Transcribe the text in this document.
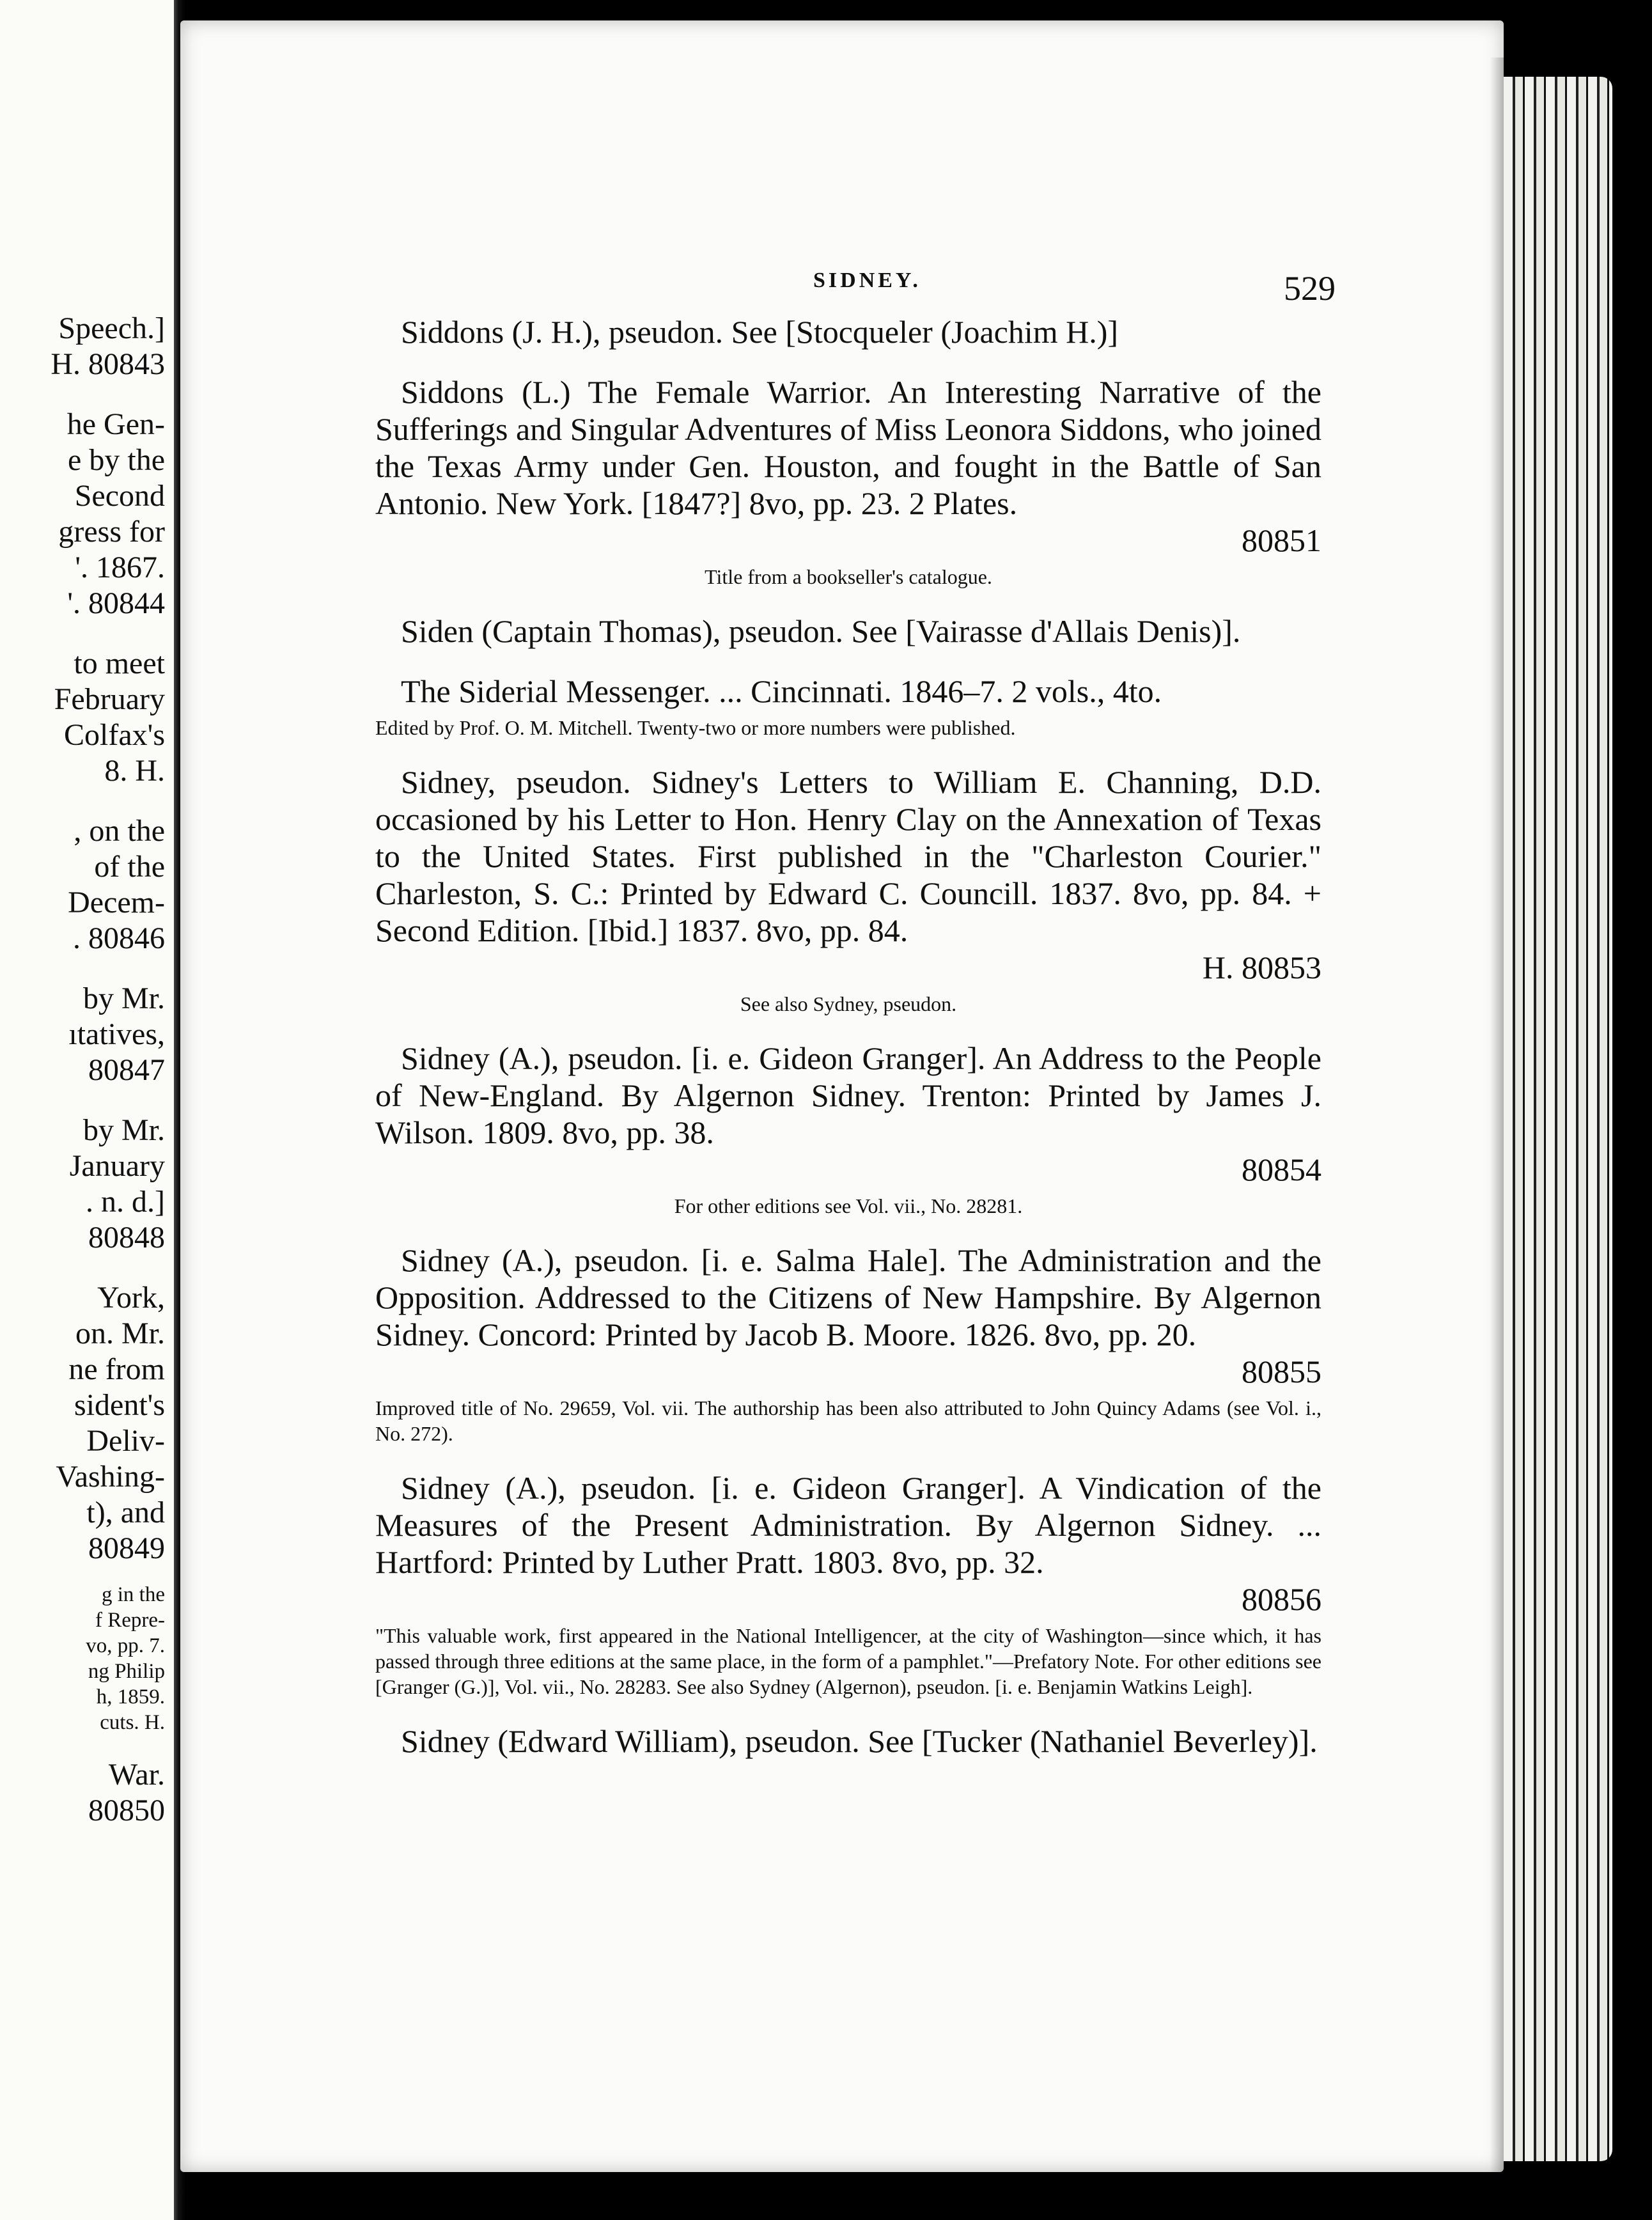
Speech.]
H. 80843
he Gen-
e by the
Second
gress for
'. 1867.
'. 80844
to meet
February
Colfax's
8. H.
, on the
of the
Decem-
. 80846
by Mr.
ıtatives,
80847
by Mr.
January
. n. d.]
80848
York,
on. Mr.
ne from
sident's
Deliv-
Vashing-
t), and
80849
g in the
f Repre-
vo, pp. 7.
ng Philip
h, 1859.
cuts. H.
War.
80850
SIDNEY.	529

Siddons (J. H.), pseudon. See [Stocqueler (Joachim H.)]

Siddons (L.) The Female Warrior. An Interesting Narrative of the Sufferings and Singular Adventures of Miss Leonora Siddons, who joined the Texas Army under Gen. Houston, and fought in the Battle of San Antonio. New York. [1847?] 8vo, pp. 23. 2 Plates.

80851
Title from a bookseller's catalogue.

Siden (Captain Thomas), pseudon. See [Vairasse d'Allais Denis)].

The Siderial Messenger. ... Cincinnati. 1846–7. 2 vols., 4to.

Edited by Prof. O. M. Mitchell. Twenty-two or more numbers were published.

Sidney, pseudon. Sidney's Letters to William E. Channing, D.D. occasioned by his Letter to Hon. Henry Clay on the Annexation of Texas to the United States. First published in the "Charleston Courier." Charleston, S. C.: Printed by Edward C. Councill. 1837. 8vo, pp. 84. + Second Edition. [Ibid.] 1837. 8vo, pp. 84.

H. 80853
See also Sydney, pseudon.

Sidney (A.), pseudon. [i. e. Gideon Granger]. An Address to the People of New-England. By Algernon Sidney. Trenton: Printed by James J. Wilson. 1809. 8vo, pp. 38.

80854
For other editions see Vol. vii., No. 28281.

Sidney (A.), pseudon. [i. e. Salma Hale]. The Administration and the Opposition. Addressed to the Citizens of New Hampshire. By Algernon Sidney. Concord: Printed by Jacob B. Moore. 1826. 8vo, pp. 20.

80855
Improved title of No. 29659, Vol. vii. The authorship has been also attributed to John Quincy Adams (see Vol. i., No. 272).

Sidney (A.), pseudon. [i. e. Gideon Granger]. A Vindication of the Measures of the Present Administration. By Algernon Sidney. ... Hartford: Printed by Luther Pratt. 1803. 8vo, pp. 32.

80856
"This valuable work, first appeared in the National Intelligencer, at the city of Washington—since which, it has passed through three editions at the same place, in the form of a pamphlet."—Prefatory Note. For other editions see [Granger (G.)], Vol. vii., No. 28283. See also Sydney (Algernon), pseudon. [i. e. Benjamin Watkins Leigh].

Sidney (Edward William), pseudon. See [Tucker (Nathaniel Beverley)].
